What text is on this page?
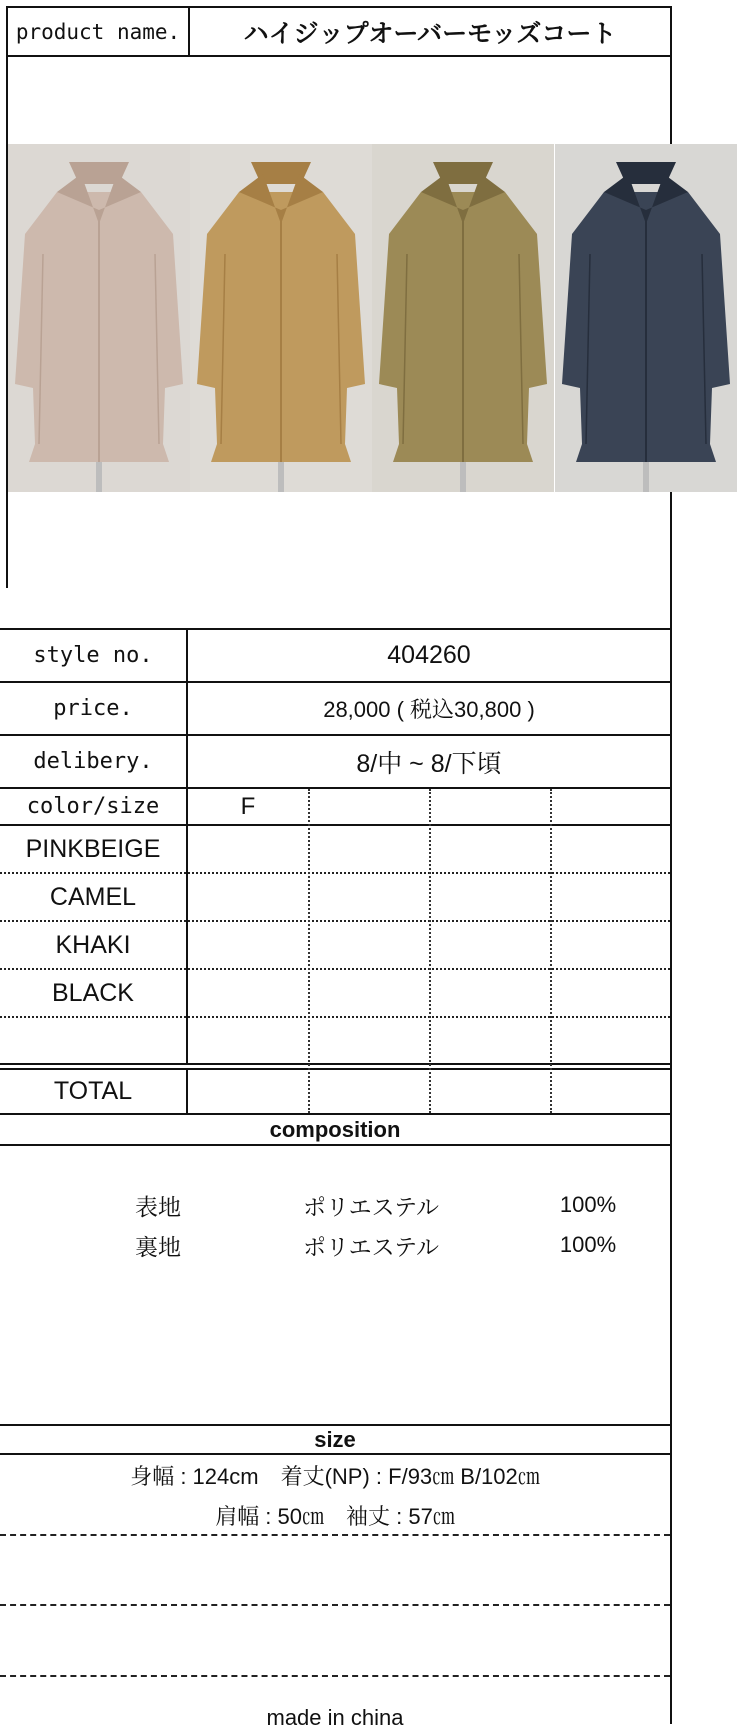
product name.	ハイジップオーバーモッズコート
style no.	404260
price.	28,000 ( 税込30,800 )
delibery.	8/中 ~ 8/下頃
color/size	F
PINKBEIGE
CAMEL
KHAKI
BLACK
TOTAL
composition
表地	ポリエステル	100%
裏地	ポリエステル	100%
size
身幅 : 124cm　着丈(NP) : F/93㎝ B/102㎝
肩幅 : 50㎝　袖丈 : 57㎝
made in china
